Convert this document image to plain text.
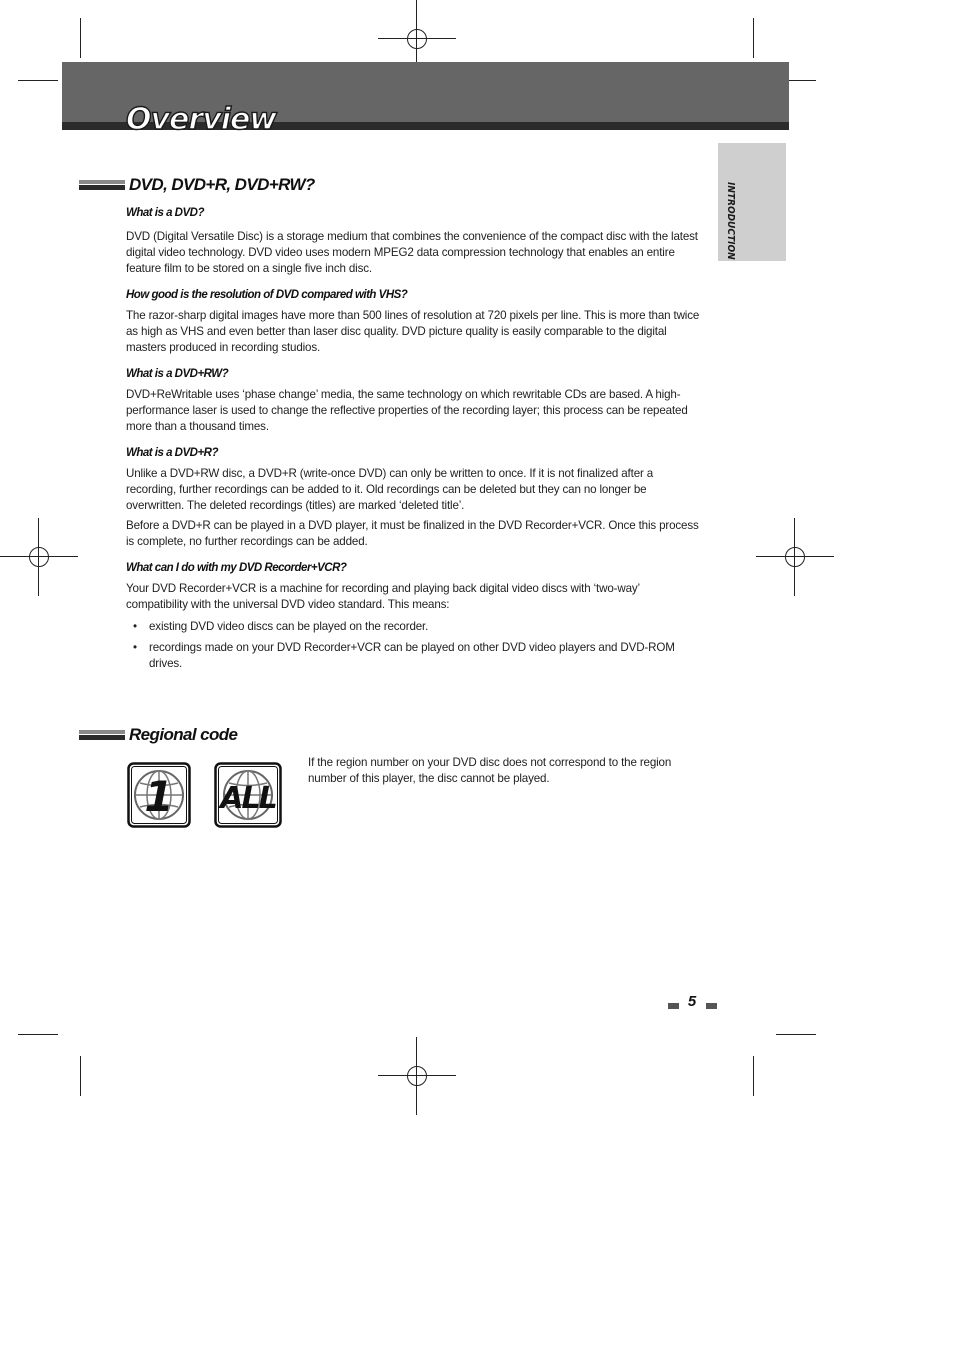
Overview
INTRODUCTION
DVD, DVD+R, DVD+RW?

What is a DVD?

DVD (Digital Versatile Disc) is a storage medium that combines the convenience of the compact disc with the latest digital video technology. DVD video uses modern MPEG2 data compression technology that enables an entire feature film to be stored on a single five inch disc.

How good is the resolution of DVD compared with VHS?

The razor-sharp digital images have more than 500 lines of resolution at 720 pixels per line. This is more than twice as high as VHS and even better than laser disc quality. DVD picture quality is easily comparable to the digital masters produced in recording studios.

What is a DVD+RW?

DVD+ReWritable uses ‘phase change’ media, the same technology on which rewritable CDs are based. A high-performance laser is used to change the reflective properties of the recording layer; this process can be repeated more than a thousand times.

What is a DVD+R?

Unlike a DVD+RW disc, a DVD+R (write-once DVD) can only be written to once. If it is not finalized after a recording, further recordings can be added to it. Old recordings can be deleted but they can no longer be overwritten. The deleted recordings (titles) are marked ‘deleted title’.

Before a DVD+R can be played in a DVD player, it must be finalized in the DVD Recorder+VCR. Once this process is complete, no further recordings can be added.

What can I do with my DVD Recorder+VCR?

Your DVD Recorder+VCR is a machine for recording and playing back digital video discs with ‘two-way’ compatibility with the universal DVD video standard. This means:

• existing DVD video discs can be played on the recorder.
• recordings made on your DVD Recorder+VCR can be played on other DVD video players and DVD-ROM drives.
Regional code
1 ALL

If the region number on your DVD disc does not correspond to the region number of this player, the disc cannot be played.

5
